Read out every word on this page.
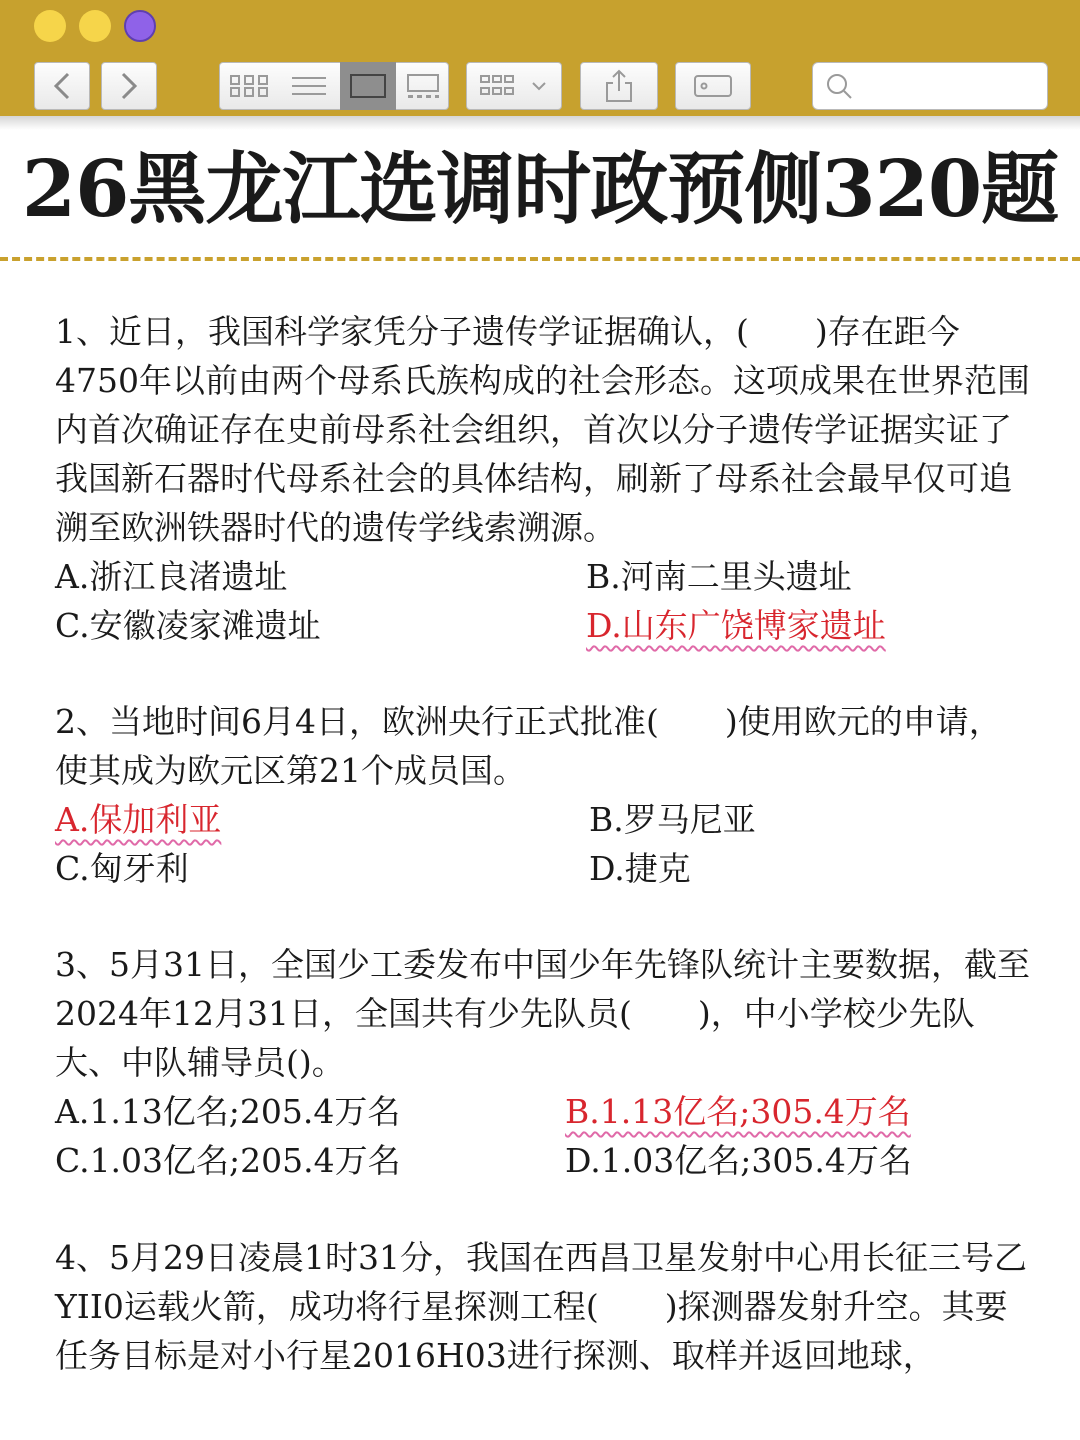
26黑龙江选调时政预侧320题

1、近日，我国科学家凭分子遗传学证据确认，(　　)存在距今4750年以前由两个母系氏族构成的社会形态。这项成果在世界范围内首次确证存在史前母系社会组织，首次以分子遗传学证据实证了我国新石器时代母系社会的具体结构，刷新了母系社会最早仅可追溯至欧洲铁器时代的遗传学线索溯源。

A.浙江良渚遗址	B.河南二里头遗址
C.安徽凌家滩遗址	D.山东广饶博家遗址

2、当地时间6月4日，欧洲央行正式批准(　　)使用欧元的申请，使其成为欧元区第21个成员国。

A.保加利亚	B.罗马尼亚
C.匈牙利	D.捷克

3、5月31日，全国少工委发布中国少年先锋队统计主要数据，截至2024年12月31日，全国共有少先队员(　　)，中小学校少先队大、中队辅导员()。

A.1.13亿名;205.4万名	B.1.13亿名;305.4万名
C.1.03亿名;205.4万名	D.1.03亿名;305.4万名

4、5月29日凌晨1时31分，我国在西昌卫星发射中心用长征三号乙YII0运载火箭，成功将行星探测工程(　　)探测器发射升空。其要任务目标是对小行星2016H03进行探测、取样并返回地球，
